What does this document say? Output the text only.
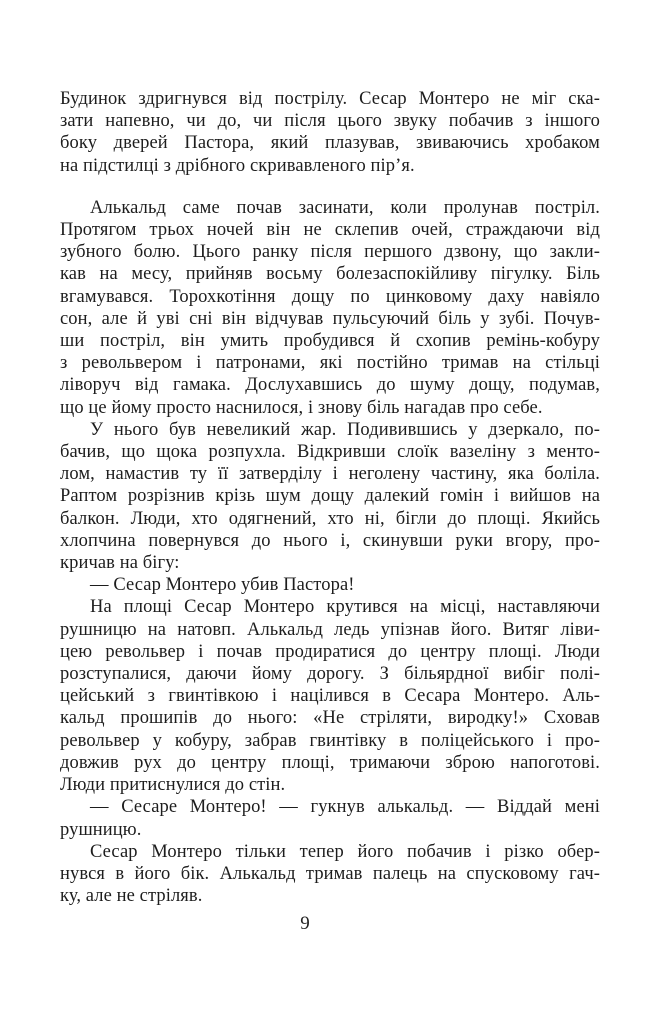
Будинок здригнувся від пострілу. Сесар Монтеро не міг ска-
зати напевно, чи до, чи після цього звуку побачив з іншого
боку дверей Пастора, який плазував, звиваючись хробаком
на підстилці з дрібного скривавленого пір’я.
Алькальд саме почав засинати, коли пролунав постріл.
Протягом трьох ночей він не склепив очей, страждаючи від
зубного болю. Цього ранку після першого дзвону, що закли-
кав на месу, прийняв восьму болезаспокійливу пігулку. Біль
вгамувався. Торохкотіння дощу по цинковому даху навіяло
сон, але й уві сні він відчував пульсуючий біль у зубі. Почув-
ши постріл, він умить пробудився й схопив ремінь-кобуру
з револьвером і патронами, які постійно тримав на стільці
ліворуч від гамака. Дослухавшись до шуму дощу, подумав,
що це йому просто наснилося, і знову біль нагадав про себе.
У нього був невеликий жар. Подивившись у дзеркало, по-
бачив, що щока розпухла. Відкривши слоїк вазеліну з менто-
лом, намастив ту її затверділу і неголену частину, яка боліла.
Раптом розрізнив крізь шум дощу далекий гомін і вийшов на
балкон. Люди, хто одягнений, хто ні, бігли до площі. Якийсь
хлопчина повернувся до нього і, скинувши руки вгору, про-
кричав на бігу:
— Сесар Монтеро убив Пастора!
На площі Сесар Монтеро крутився на місці, наставляючи
рушницю на натовп. Алькальд ледь упізнав його. Витяг ліви-
цею револьвер і почав продиратися до центру площі. Люди
розступалися, даючи йому дорогу. З більярдної вибіг полі-
цейський з гвинтівкою і націлився в Сесара Монтеро. Аль-
кальд прошипів до нього: «Не стріляти, виродку!» Сховав
револьвер у кобуру, забрав гвинтівку в поліцейського і про-
довжив рух до центру площі, тримаючи зброю напоготові.
Люди притиснулися до стін.
— Сесаре Монтеро! — гукнув алькальд. — Віддай мені
рушницю.
Сесар Монтеро тільки тепер його побачив і різко обер-
нувся в його бік. Алькальд тримав палець на спусковому гач-
ку, але не стріляв.
9
